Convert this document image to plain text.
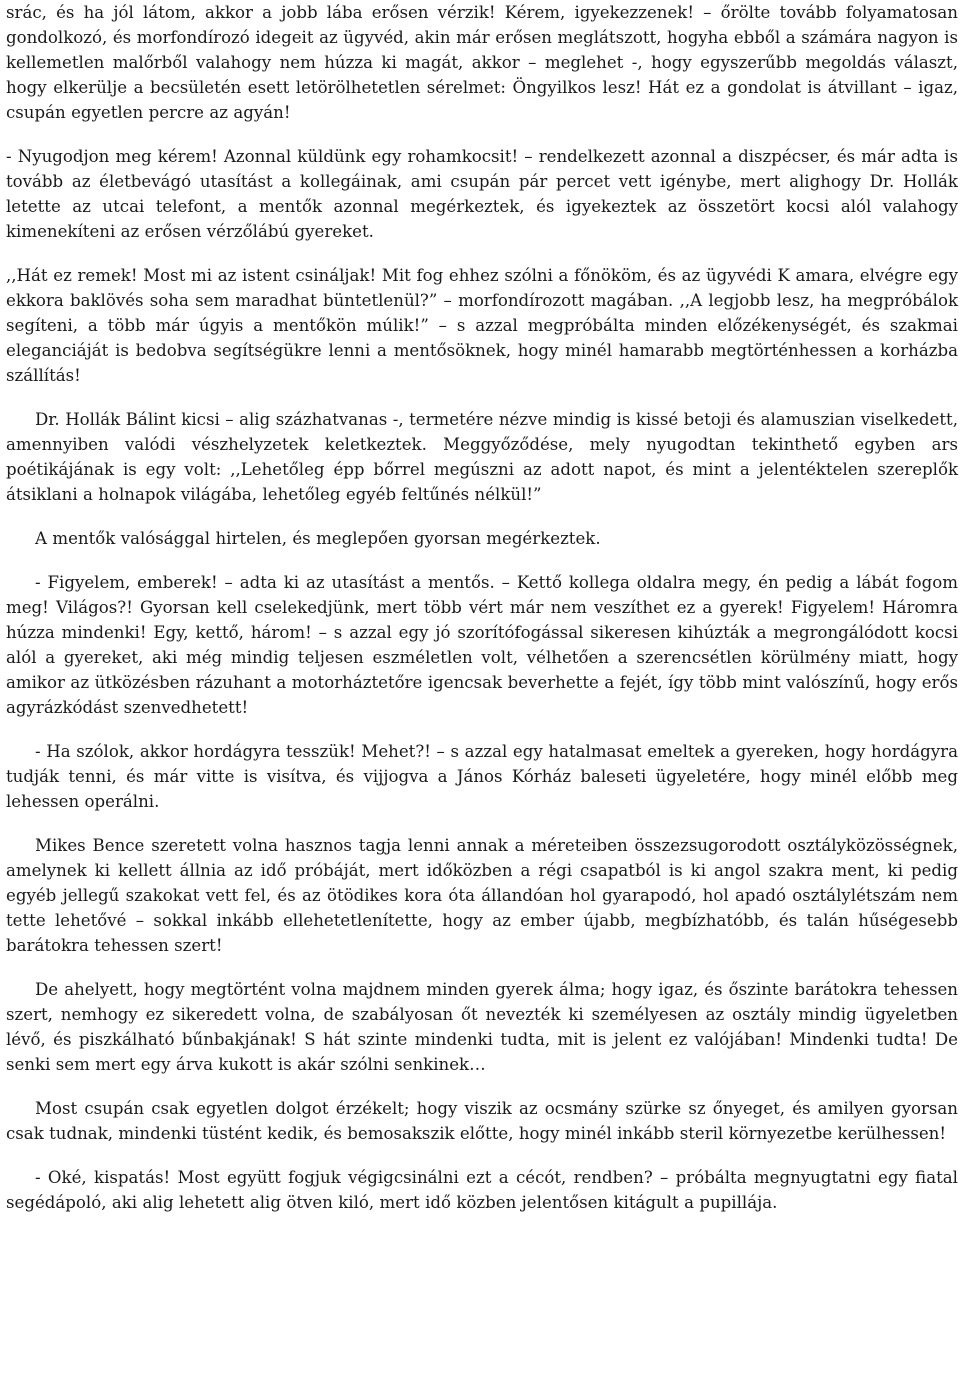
srác, és ha jól látom, akkor a jobb lába erősen vérzik! Kérem, igyekezzenek! – őrölte tovább folyamatosan gondolkozó, és morfondírozó idegeit az ügyvéd, akin már erősen meglátszott, hogyha ebből a számára nagyon is kellemetlen malőrből valahogy nem húzza ki magát, akkor – meglehet -, hogy egyszerűbb megoldás választ, hogy elkerülje a becsületén esett letörölhetetlen sérelmet: Öngyilkos lesz! Hát ez a gondolat is átvillant – igaz, csupán egyetlen percre az agyán!

- Nyugodjon meg kérem! Azonnal küldünk egy rohamkocsit! – rendelkezett azonnal a diszpécser, és már adta is tovább az életbevágó utasítást a kollegáinak, ami csupán pár percet vett igénybe, mert alighogy Dr. Hollák letette az utcai telefont, a mentők azonnal megérkeztek, és igyekeztek az összetört kocsi alól valahogy kimenekíteni az erősen vérzőlábú gyereket.

,,Hát ez remek! Most mi az istent csináljak! Mit fog ehhez szólni a főnököm, és az ügyvédi K amara, elvégre egy ekkora baklövés soha sem maradhat büntetlenül?” – morfondírozott magában. ,,A legjobb lesz, ha megpróbálok segíteni, a több már úgyis a mentőkön múlik!” – s azzal megpróbálta minden előzékenységét, és szakmai eleganciáját is bedobva segítségükre lenni a mentősöknek, hogy minél hamarabb megtörténhessen a korházba szállítás!

Dr. Hollák Bálint kicsi – alig százhatvanas -, termetére nézve mindig is kissé betoji és alamuszian viselkedett, amennyiben valódi vészhelyzetek keletkeztek. Meggyőződése, mely nyugodtan tekinthető egyben ars poétikájának is egy volt: ,,Lehetőleg épp bőrrel megúszni az adott napot, és mint a jelentéktelen szereplők átsiklani a holnapok világába, lehetőleg egyéb feltűnés nélkül!”

A mentők valósággal hirtelen, és meglepően gyorsan megérkeztek.

- Figyelem, emberek! – adta ki az utasítást a mentős. – Kettő kollega oldalra megy, én pedig a lábát fogom meg! Világos?! Gyorsan kell cselekedjünk, mert több vért már nem veszíthet ez a gyerek! Figyelem! Háromra húzza mindenki! Egy, kettő, három! – s azzal egy jó szorítófogással sikeresen kihúzták a megrongálódott kocsi alól a gyereket, aki még mindig teljesen eszméletlen volt, vélhetően a szerencsétlen körülmény miatt, hogy amikor az ütközésben rázuhant a motorháztetőre igencsak beverhette a fejét, így több mint valószínű, hogy erős agyrázkódást szenvedhetett!

- Ha szólok, akkor hordágyra tesszük! Mehet?! – s azzal egy hatalmasat emeltek a gyereken, hogy hordágyra tudják tenni, és már vitte is visítva, és vijjogva a János Kórház baleseti ügyeletére, hogy minél előbb meg lehessen operálni.

Mikes Bence szeretett volna hasznos tagja lenni annak a méreteiben összezsugorodott osztályközösségnek, amelynek ki kellett állnia az idő próbáját, mert időközben a régi csapatból is ki angol szakra ment, ki pedig egyéb jellegű szakokat vett fel, és az ötödikes kora óta állandóan hol gyarapodó, hol apadó osztálylétszám nem tette lehetővé – sokkal inkább ellehetetlenítette, hogy az ember újabb, megbízhatóbb, és talán hűségesebb barátokra tehessen szert!

De ahelyett, hogy megtörtént volna majdnem minden gyerek álma; hogy igaz, és őszinte barátokra tehessen szert, nemhogy ez sikeredett volna, de szabályosan őt nevezték ki személyesen az osztály mindig ügyeletben lévő, és piszkálható bűnbakjának! S hát szinte mindenki tudta, mit is jelent ez valójában! Mindenki tudta! De senki sem mert egy árva kukott is akár szólni senkinek…

Most csupán csak egyetlen dolgot érzékelt; hogy viszik az ocsmány szürke sz őnyeget, és amilyen gyorsan csak tudnak, mindenki tüstént kedik, és bemosakszik előtte, hogy minél inkább steril környezetbe kerülhessen!

- Oké, kispatás! Most együtt fogjuk végigcsinálni ezt a cécót, rendben? – próbálta megnyugtatni egy fiatal segédápoló, aki alig lehetett alig ötven kiló, mert idő közben jelentősen kitágult a pupillája.
